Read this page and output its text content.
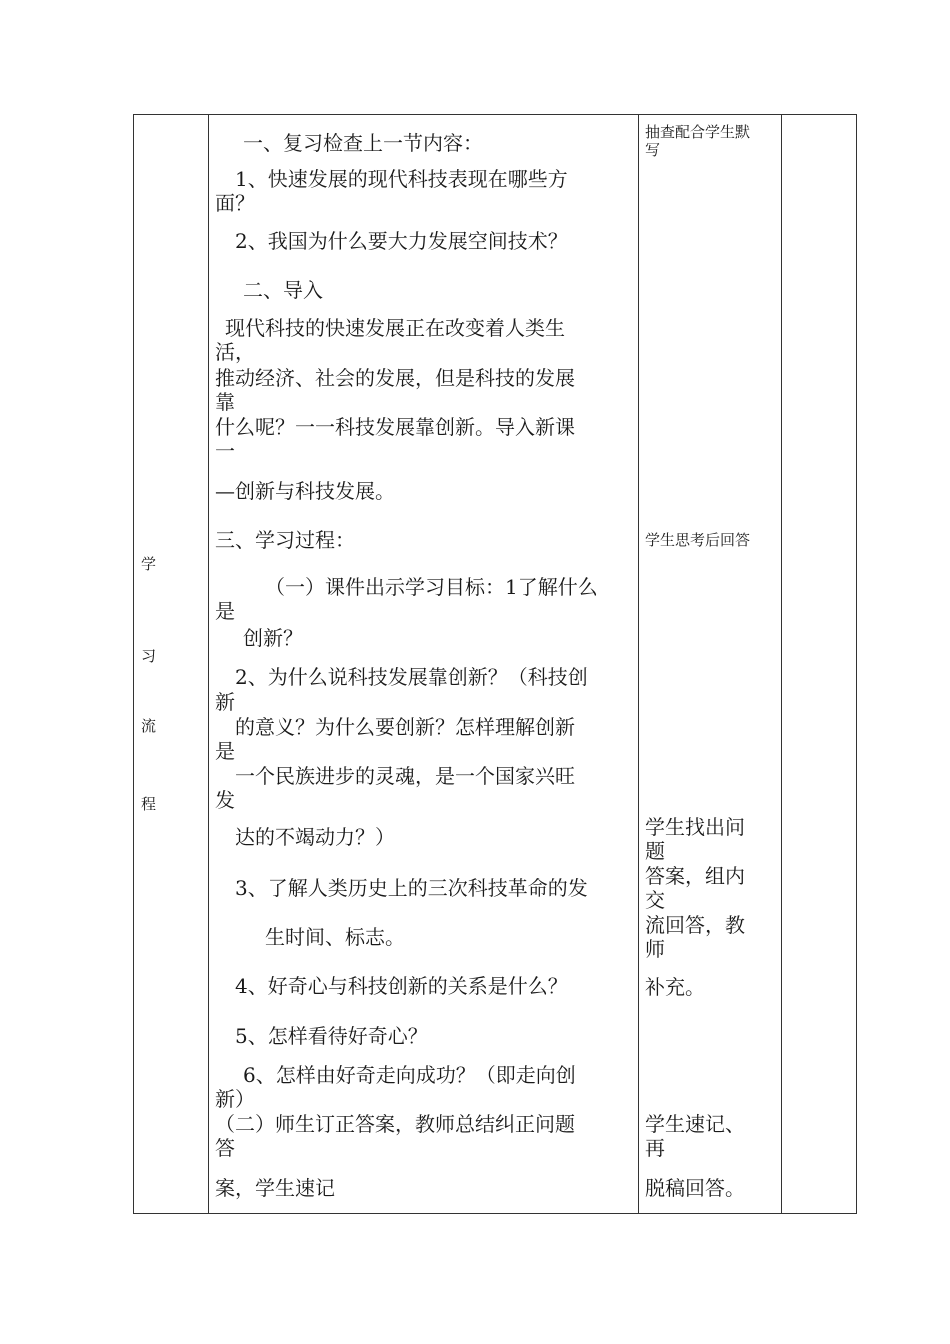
学
习
流
程
一、复习检查上一节内容：
1、快速发展的现代科技表现在哪些方
面？
2、我国为什么要大力发展空间技术？
二、导入
现代科技的快速发展正在改变着人类生
活，
推动经济、社会的发展，但是科技的发展
靠
什么呢？一一科技发展靠创新。导入新课
一
—创新与科技发展。
三、学习过程：
（一）课件出示学习目标：1了解什么
是
创新？
2、为什么说科技发展靠创新？（科技创
新
的意义？为什么要创新？怎样理解创新
是
一个民族进步的灵魂，是一个国家兴旺
发
达的不竭动力？）
3、了解人类历史上的三次科技革命的发
生时间、标志。
4、好奇心与科技创新的关系是什么？
5、怎样看待好奇心？
6、怎样由好奇走向成功？（即走向创
新）
（二）师生订正答案，教师总结纠正问题
答
案，学生速记
抽查配合学生默
写
学生思考后回答
学生找出问
题
答案，组内
交
流回答，教
师
补充。
学生速记、
再
脱稿回答。
